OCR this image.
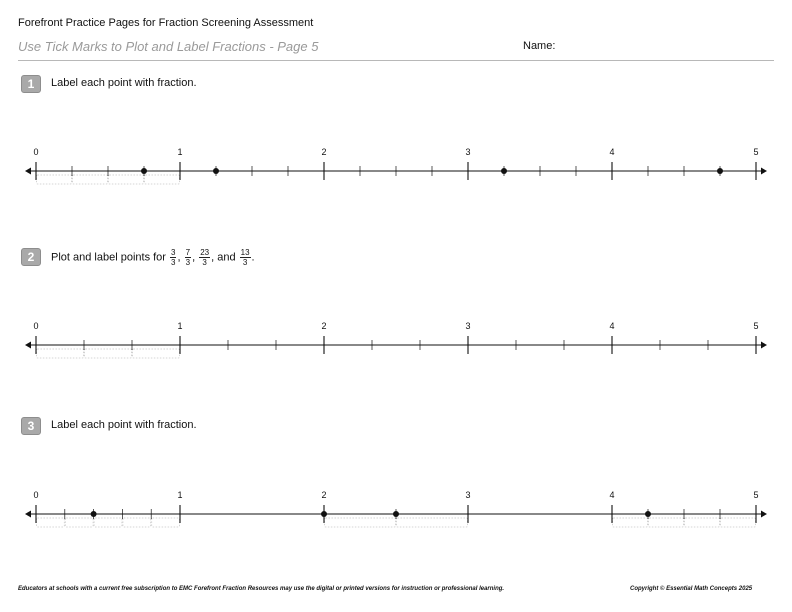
Forefront Practice Pages for Fraction Screening Assessment
Use Tick Marks to Plot and Label Fractions - Page 5	Name:
1	Label each point with fraction.
0	1	2	3	4	5
2	Plot and label points for $\frac{3}{3}$ , $\frac{7}{3}$ , $\frac{23}{3}$ , and $\frac{13}{3}$ .
0	1	2	3	4	5
3	Label each point with fraction.
0	1	2	3	4	5
Educators at schools with a current free subscription to EMC Forefront Fraction Resources may use the digital or printed versions for instruction or professional learning.	Copyright © Essential Math Concepts 2025
